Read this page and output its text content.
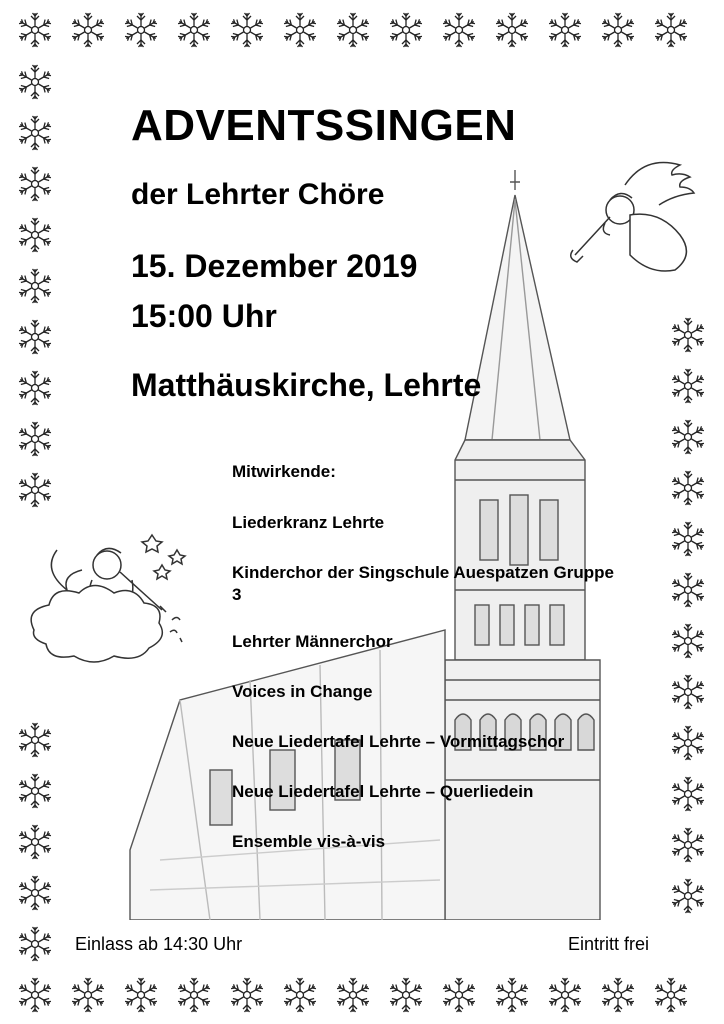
ADVENTSSINGEN

der Lehrter Chöre

15. Dezember 2019

15:00 Uhr

Matthäuskirche, Lehrte

Mitwirkende:

Liederkranz Lehrte

Kinderchor der Singschule Auespatzen Gruppe 3

Lehrter Männerchor

Voices in Change

Neue Liedertafel Lehrte – Vormittagschor

Neue Liedertafel Lehrte – Querliedein

Ensemble vis-à-vis

Einlass ab 14:30 Uhr	Eintritt frei
